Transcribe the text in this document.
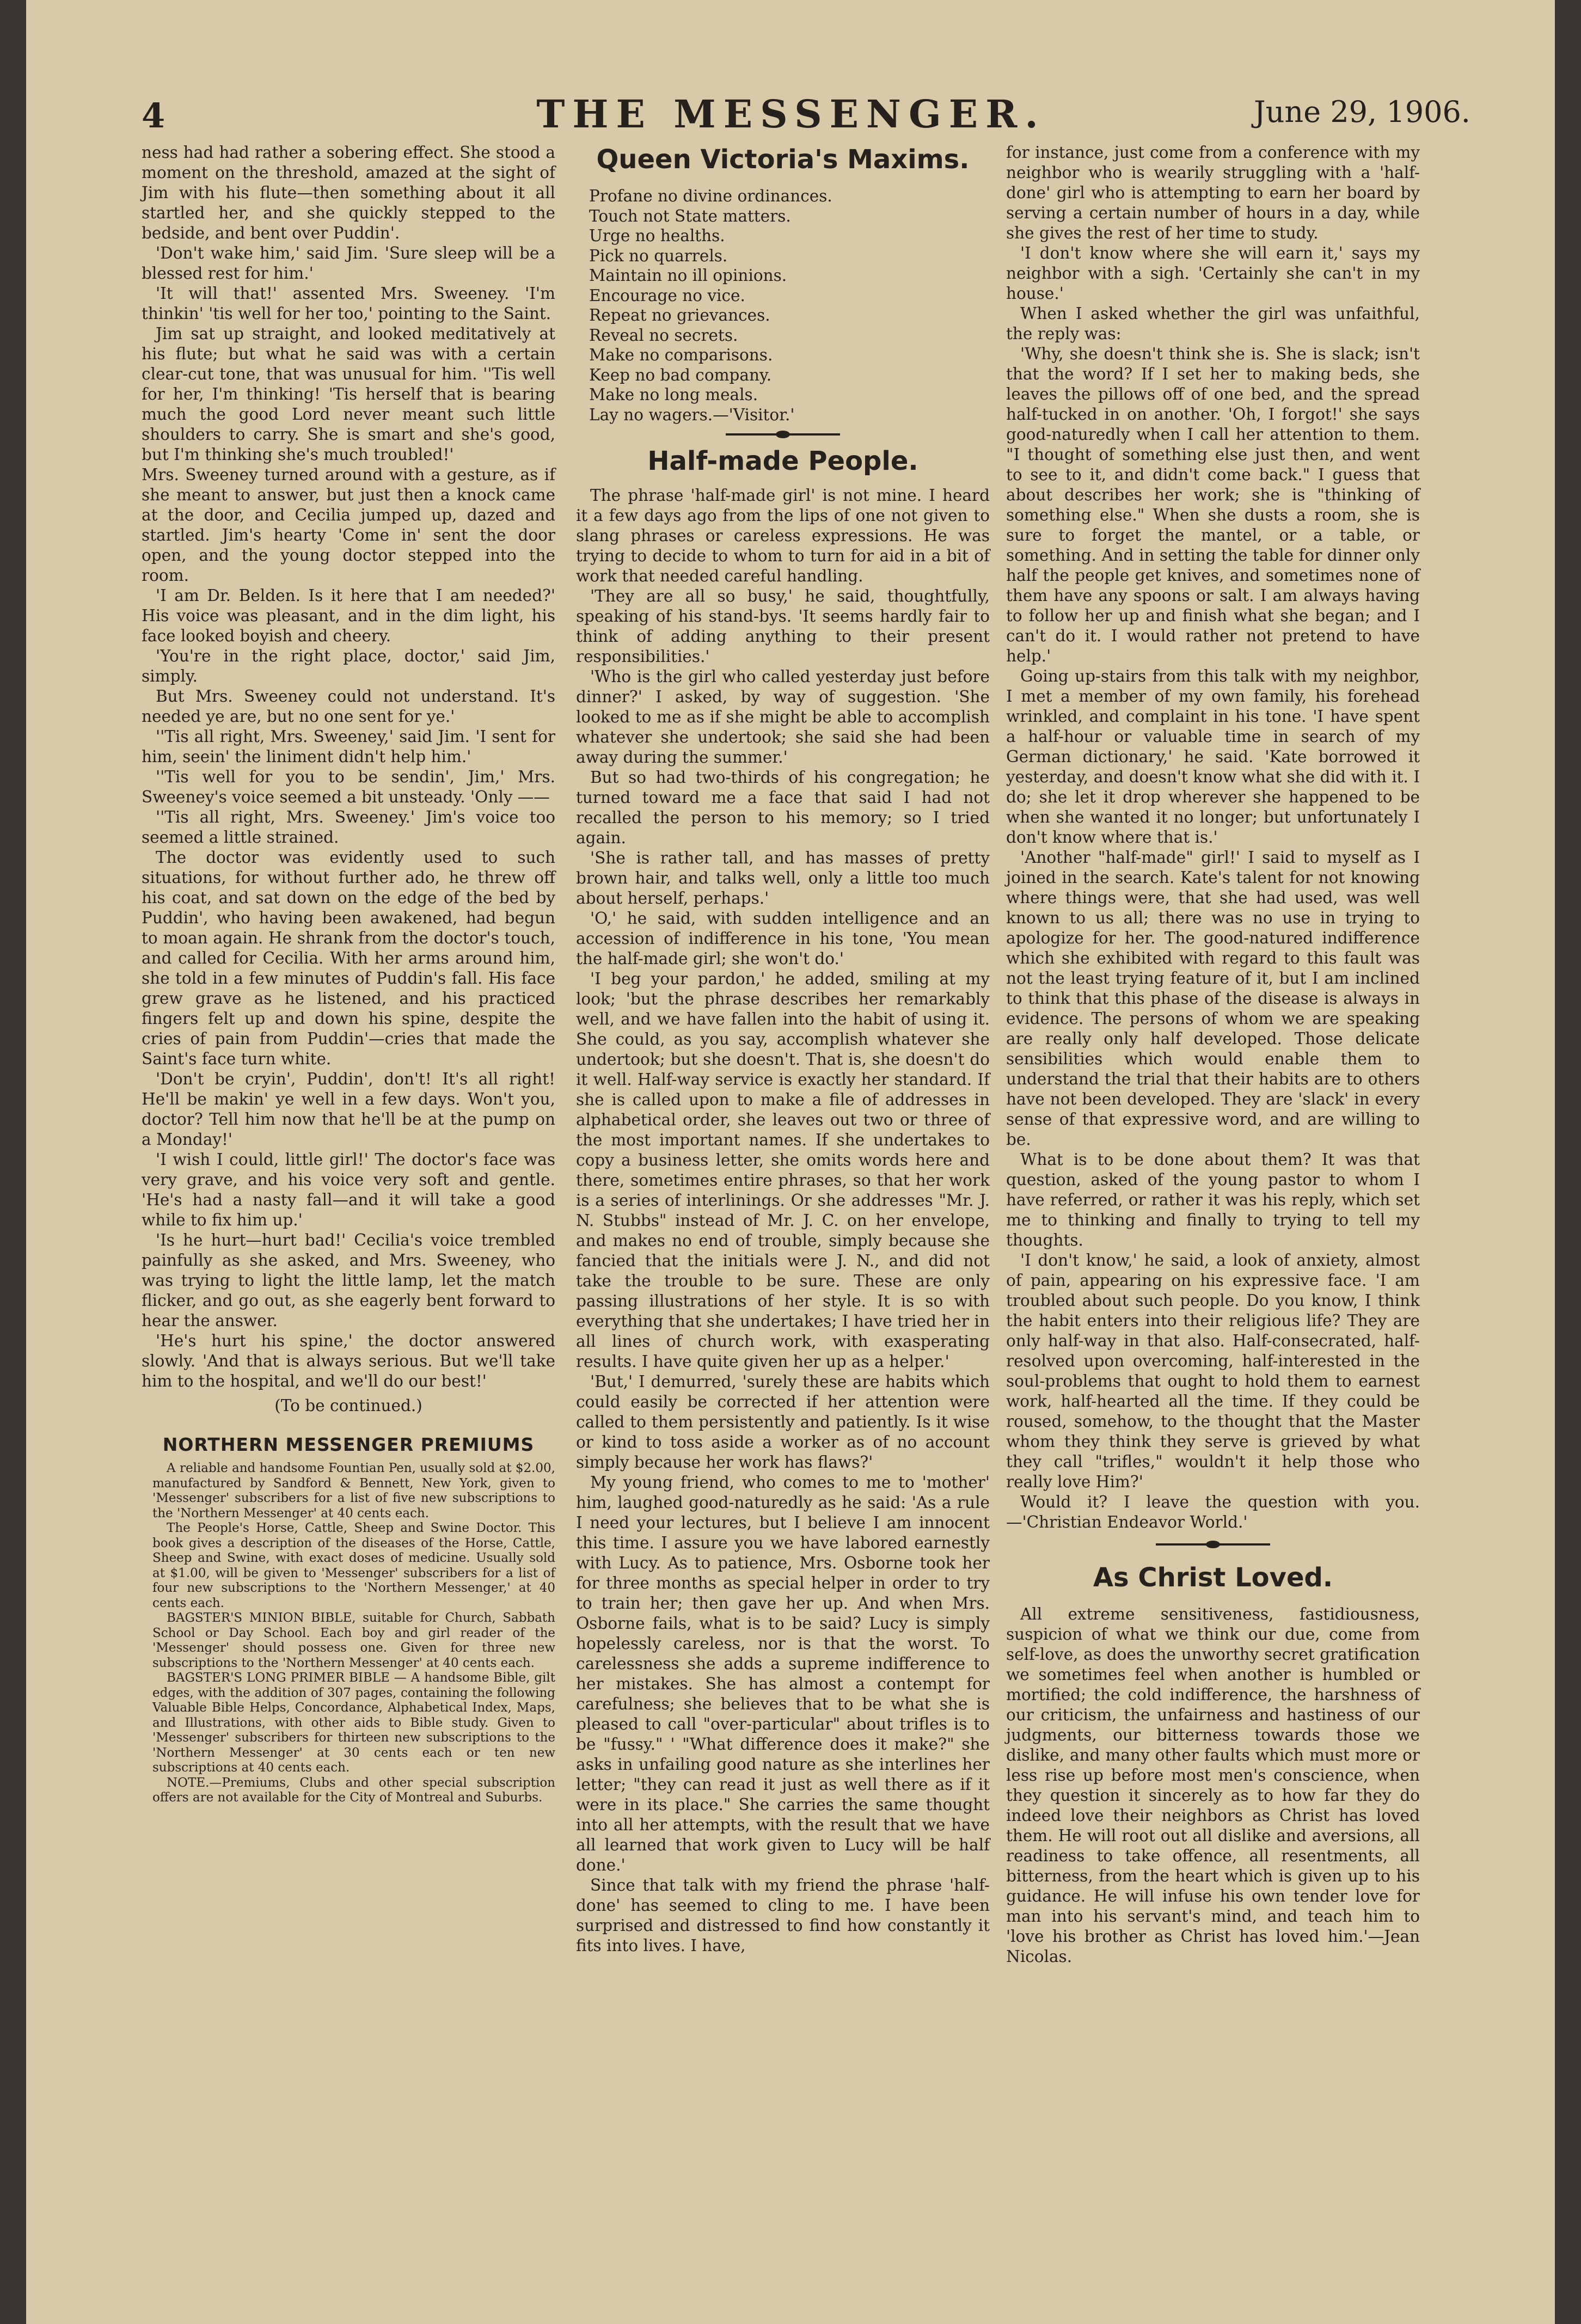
4	THE MESSENGER.	June 29, 1906.

ness had had rather a sobering effect. She stood a moment on the threshold, amazed at the sight of Jim with his flute—then something about it all startled her, and she quickly stepped to the bedside, and bent over Puddin'.

'Don't wake him,' said Jim. 'Sure sleep will be a blessed rest for him.'

'It will that!' assented Mrs. Sweeney. 'I'm thinkin' 'tis well for her too,' pointing to the Saint.

Jim sat up straight, and looked meditatively at his flute; but what he said was with a certain clear-cut tone, that was unusual for him. ''Tis well for her, I'm thinking! 'Tis herself that is bearing much the good Lord never meant such little shoulders to carry. She is smart and she's good, but I'm thinking she's much troubled!'

Mrs. Sweeney turned around with a gesture, as if she meant to answer, but just then a knock came at the door, and Cecilia jumped up, dazed and startled. Jim's hearty 'Come in' sent the door open, and the young doctor stepped into the room.

'I am Dr. Belden. Is it here that I am needed?' His voice was pleasant, and in the dim light, his face looked boyish and cheery.

'You're in the right place, doctor,' said Jim, simply.

But Mrs. Sweeney could not understand. It's needed ye are, but no one sent for ye.'

''Tis all right, Mrs. Sweeney,' said Jim. 'I sent for him, seein' the liniment didn't help him.'

''Tis well for you to be sendin', Jim,' Mrs. Sweeney's voice seemed a bit unsteady. 'Only ——

''Tis all right, Mrs. Sweeney.' Jim's voice too seemed a little strained.

The doctor was evidently used to such situations, for without further ado, he threw off his coat, and sat down on the edge of the bed by Puddin', who having been awakened, had begun to moan again. He shrank from the doctor's touch, and called for Cecilia. With her arms around him, she told in a few minutes of Puddin's fall. His face grew grave as he listened, and his practiced fingers felt up and down his spine, despite the cries of pain from Puddin'—cries that made the Saint's face turn white.

'Don't be cryin', Puddin', don't! It's all right! He'll be makin' ye well in a few days. Won't you, doctor? Tell him now that he'll be at the pump on a Monday!'

'I wish I could, little girl!' The doctor's face was very grave, and his voice very soft and gentle. 'He's had a nasty fall—and it will take a good while to fix him up.'

'Is he hurt—hurt bad!' Cecilia's voice trembled painfully as she asked, and Mrs. Sweeney, who was trying to light the little lamp, let the match flicker, and go out, as she eagerly bent forward to hear the answer.

'He's hurt his spine,' the doctor answered slowly. 'And that is always serious. But we'll take him to the hospital, and we'll do our best!'

(To be continued.)
NORTHERN MESSENGER PREMIUMS

A reliable and handsome Fountian Pen, usually sold at $2.00, manufactured by Sandford & Bennett, New York, given to 'Messenger' subscribers for a list of five new subscriptions to the 'Northern Messenger' at 40 cents each.

The People's Horse, Cattle, Sheep and Swine Doctor. This book gives a description of the diseases of the Horse, Cattle, Sheep and Swine, with exact doses of medicine. Usually sold at $1.00, will be given to 'Messenger' subscribers for a list of four new subscriptions to the 'Northern Messenger,' at 40 cents each.

BAGSTER'S MINION BIBLE, suitable for Church, Sabbath School or Day School. Each boy and girl reader of the 'Messenger' should possess one. Given for three new subscriptions to the 'Northern Messenger' at 40 cents each.

BAGSTER'S LONG PRIMER BIBLE — A handsome Bible, gilt edges, with the addition of 307 pages, containing the following Valuable Bible Helps, Concordance, Alphabetical Index, Maps, and Illustrations, with other aids to Bible study. Given to 'Messenger' subscribers for thirteen new subscriptions to the 'Northern Messenger' at 30 cents each or ten new subscriptions at 40 cents each.

NOTE.—Premiums, Clubs and other special subscription offers are not available for the City of Montreal and Suburbs.

Queen Victoria's Maxims.
Profane no divine ordinances.
Touch not State matters.
Urge no healths.
Pick no quarrels.
Maintain no ill opinions.
Encourage no vice.
Repeat no grievances.
Reveal no secrets.
Make no comparisons.
Keep no bad company.
Make no long meals.
Lay no wagers.—'Visitor.'
Half-made People.

The phrase 'half-made girl' is not mine. I heard it a few days ago from the lips of one not given to slang phrases or careless expressions. He was trying to decide to whom to turn for aid in a bit of work that needed careful handling.

'They are all so busy,' he said, thoughtfully, speaking of his stand-bys. 'It seems hardly fair to think of adding anything to their present responsibilities.'

'Who is the girl who called yesterday just before dinner?' I asked, by way of suggestion. 'She looked to me as if she might be able to accomplish whatever she undertook; she said she had been away during the summer.'

But so had two-thirds of his congregation; he turned toward me a face that said I had not recalled the person to his memory; so I tried again.

'She is rather tall, and has masses of pretty brown hair, and talks well, only a little too much about herself, perhaps.'

'O,' he said, with sudden intelligence and an accession of indifference in his tone, 'You mean the half-made girl; she won't do.'

'I beg your pardon,' he added, smiling at my look; 'but the phrase describes her remarkably well, and we have fallen into the habit of using it. She could, as you say, accomplish whatever she undertook; but she doesn't. That is, she doesn't do it well. Half-way service is exactly her standard. If she is called upon to make a file of addresses in alphabetical order, she leaves out two or three of the most important names. If she undertakes to copy a business letter, she omits words here and there, sometimes entire phrases, so that her work is a series of interlinings. Or she addresses "Mr. J. N. Stubbs" instead of Mr. J. C. on her envelope, and makes no end of trouble, simply because she fancied that the initials were J. N., and did not take the trouble to be sure. These are only passing illustrations of her style. It is so with everything that she undertakes; I have tried her in all lines of church work, with exasperating results. I have quite given her up as a helper.'

'But,' I demurred, 'surely these are habits which could easily be corrected if her attention were called to them persistently and patiently. Is it wise or kind to toss aside a worker as of no account simply because her work has flaws?'

My young friend, who comes to me to 'mother' him, laughed good-naturedly as he said: 'As a rule I need your lectures, but I believe I am innocent this time. I assure you we have labored earnestly with Lucy. As to patience, Mrs. Osborne took her for three months as special helper in order to try to train her; then gave her up. And when Mrs. Osborne fails, what is to be said? Lucy is simply hopelessly careless, nor is that the worst. To carelessness she adds a supreme indifference to her mistakes. She has almost a contempt for carefulness; she believes that to be what she is pleased to call "over-particular" about trifles is to be "fussy." ' "What difference does it make?" she asks in unfailing good nature as she interlines her letter; "they can read it just as well there as if it were in its place." She carries the same thought into all her attempts, with the result that we have all learned that work given to Lucy will be half done.'

Since that talk with my friend the phrase 'half-done' has seemed to cling to me. I have been surprised and distressed to find how constantly it fits into lives. I have,

for instance, just come from a conference with my neighbor who is wearily struggling with a 'half-done' girl who is attempting to earn her board by serving a certain number of hours in a day, while she gives the rest of her time to study.

'I don't know where she will earn it,' says my neighbor with a sigh. 'Certainly she can't in my house.'

When I asked whether the girl was unfaithful, the reply was:

'Why, she doesn't think she is. She is slack; isn't that the word? If I set her to making beds, she leaves the pillows off of one bed, and the spread half-tucked in on another. 'Oh, I forgot!' she says good-naturedly when I call her attention to them. "I thought of something else just then, and went to see to it, and didn't come back." I guess that about describes her work; she is "thinking of something else." When she dusts a room, she is sure to forget the mantel, or a table, or something. And in setting the table for dinner only half the people get knives, and sometimes none of them have any spoons or salt. I am always having to follow her up and finish what she began; and I can't do it. I would rather not pretend to have help.'

Going up-stairs from this talk with my neighbor, I met a member of my own family, his forehead wrinkled, and complaint in his tone. 'I have spent a half-hour or valuable time in search of my German dictionary,' he said. 'Kate borrowed it yesterday, and doesn't know what she did with it. I do; she let it drop wherever she happened to be when she wanted it no longer; but unfortunately I don't know where that is.'

'Another "half-made" girl!' I said to myself as I joined in the search. Kate's talent for not knowing where things were, that she had used, was well known to us all; there was no use in trying to apologize for her. The good-natured indifference which she exhibited with regard to this fault was not the least trying feature of it, but I am inclined to think that this phase of the disease is always in evidence. The persons of whom we are speaking are really only half developed. Those delicate sensibilities which would enable them to understand the trial that their habits are to others have not been developed. They are 'slack' in every sense of that expressive word, and are willing to be.

What is to be done about them? It was that question, asked of the young pastor to whom I have referred, or rather it was his reply, which set me to thinking and finally to trying to tell my thoughts.

'I don't know,' he said, a look of anxiety, almost of pain, appearing on his expressive face. 'I am troubled about such people. Do you know, I think the habit enters into their religious life? They are only half-way in that also. Half-consecrated, half-resolved upon overcoming, half-interested in the soul-problems that ought to hold them to earnest work, half-hearted all the time. If they could be roused, somehow, to the thought that the Master whom they think they serve is grieved by what they call "trifles," wouldn't it help those who really love Him?'

Would it? I leave the question with you. —'Christian Endeavor World.'

As Christ Loved.

All extreme sensitiveness, fastidiousness, suspicion of what we think our due, come from self-love, as does the unworthy secret gratification we sometimes feel when another is humbled or mortified; the cold indifference, the harshness of our criticism, the unfairness and hastiness of our judgments, our bitterness towards those we dislike, and many other faults which must more or less rise up before most men's conscience, when they question it sincerely as to how far they do indeed love their neighbors as Christ has loved them. He will root out all dislike and aversions, all readiness to take offence, all resentments, all bitterness, from the heart which is given up to his guidance. He will infuse his own tender love for man into his servant's mind, and teach him to 'love his brother as Christ has loved him.'—Jean Nicolas.
